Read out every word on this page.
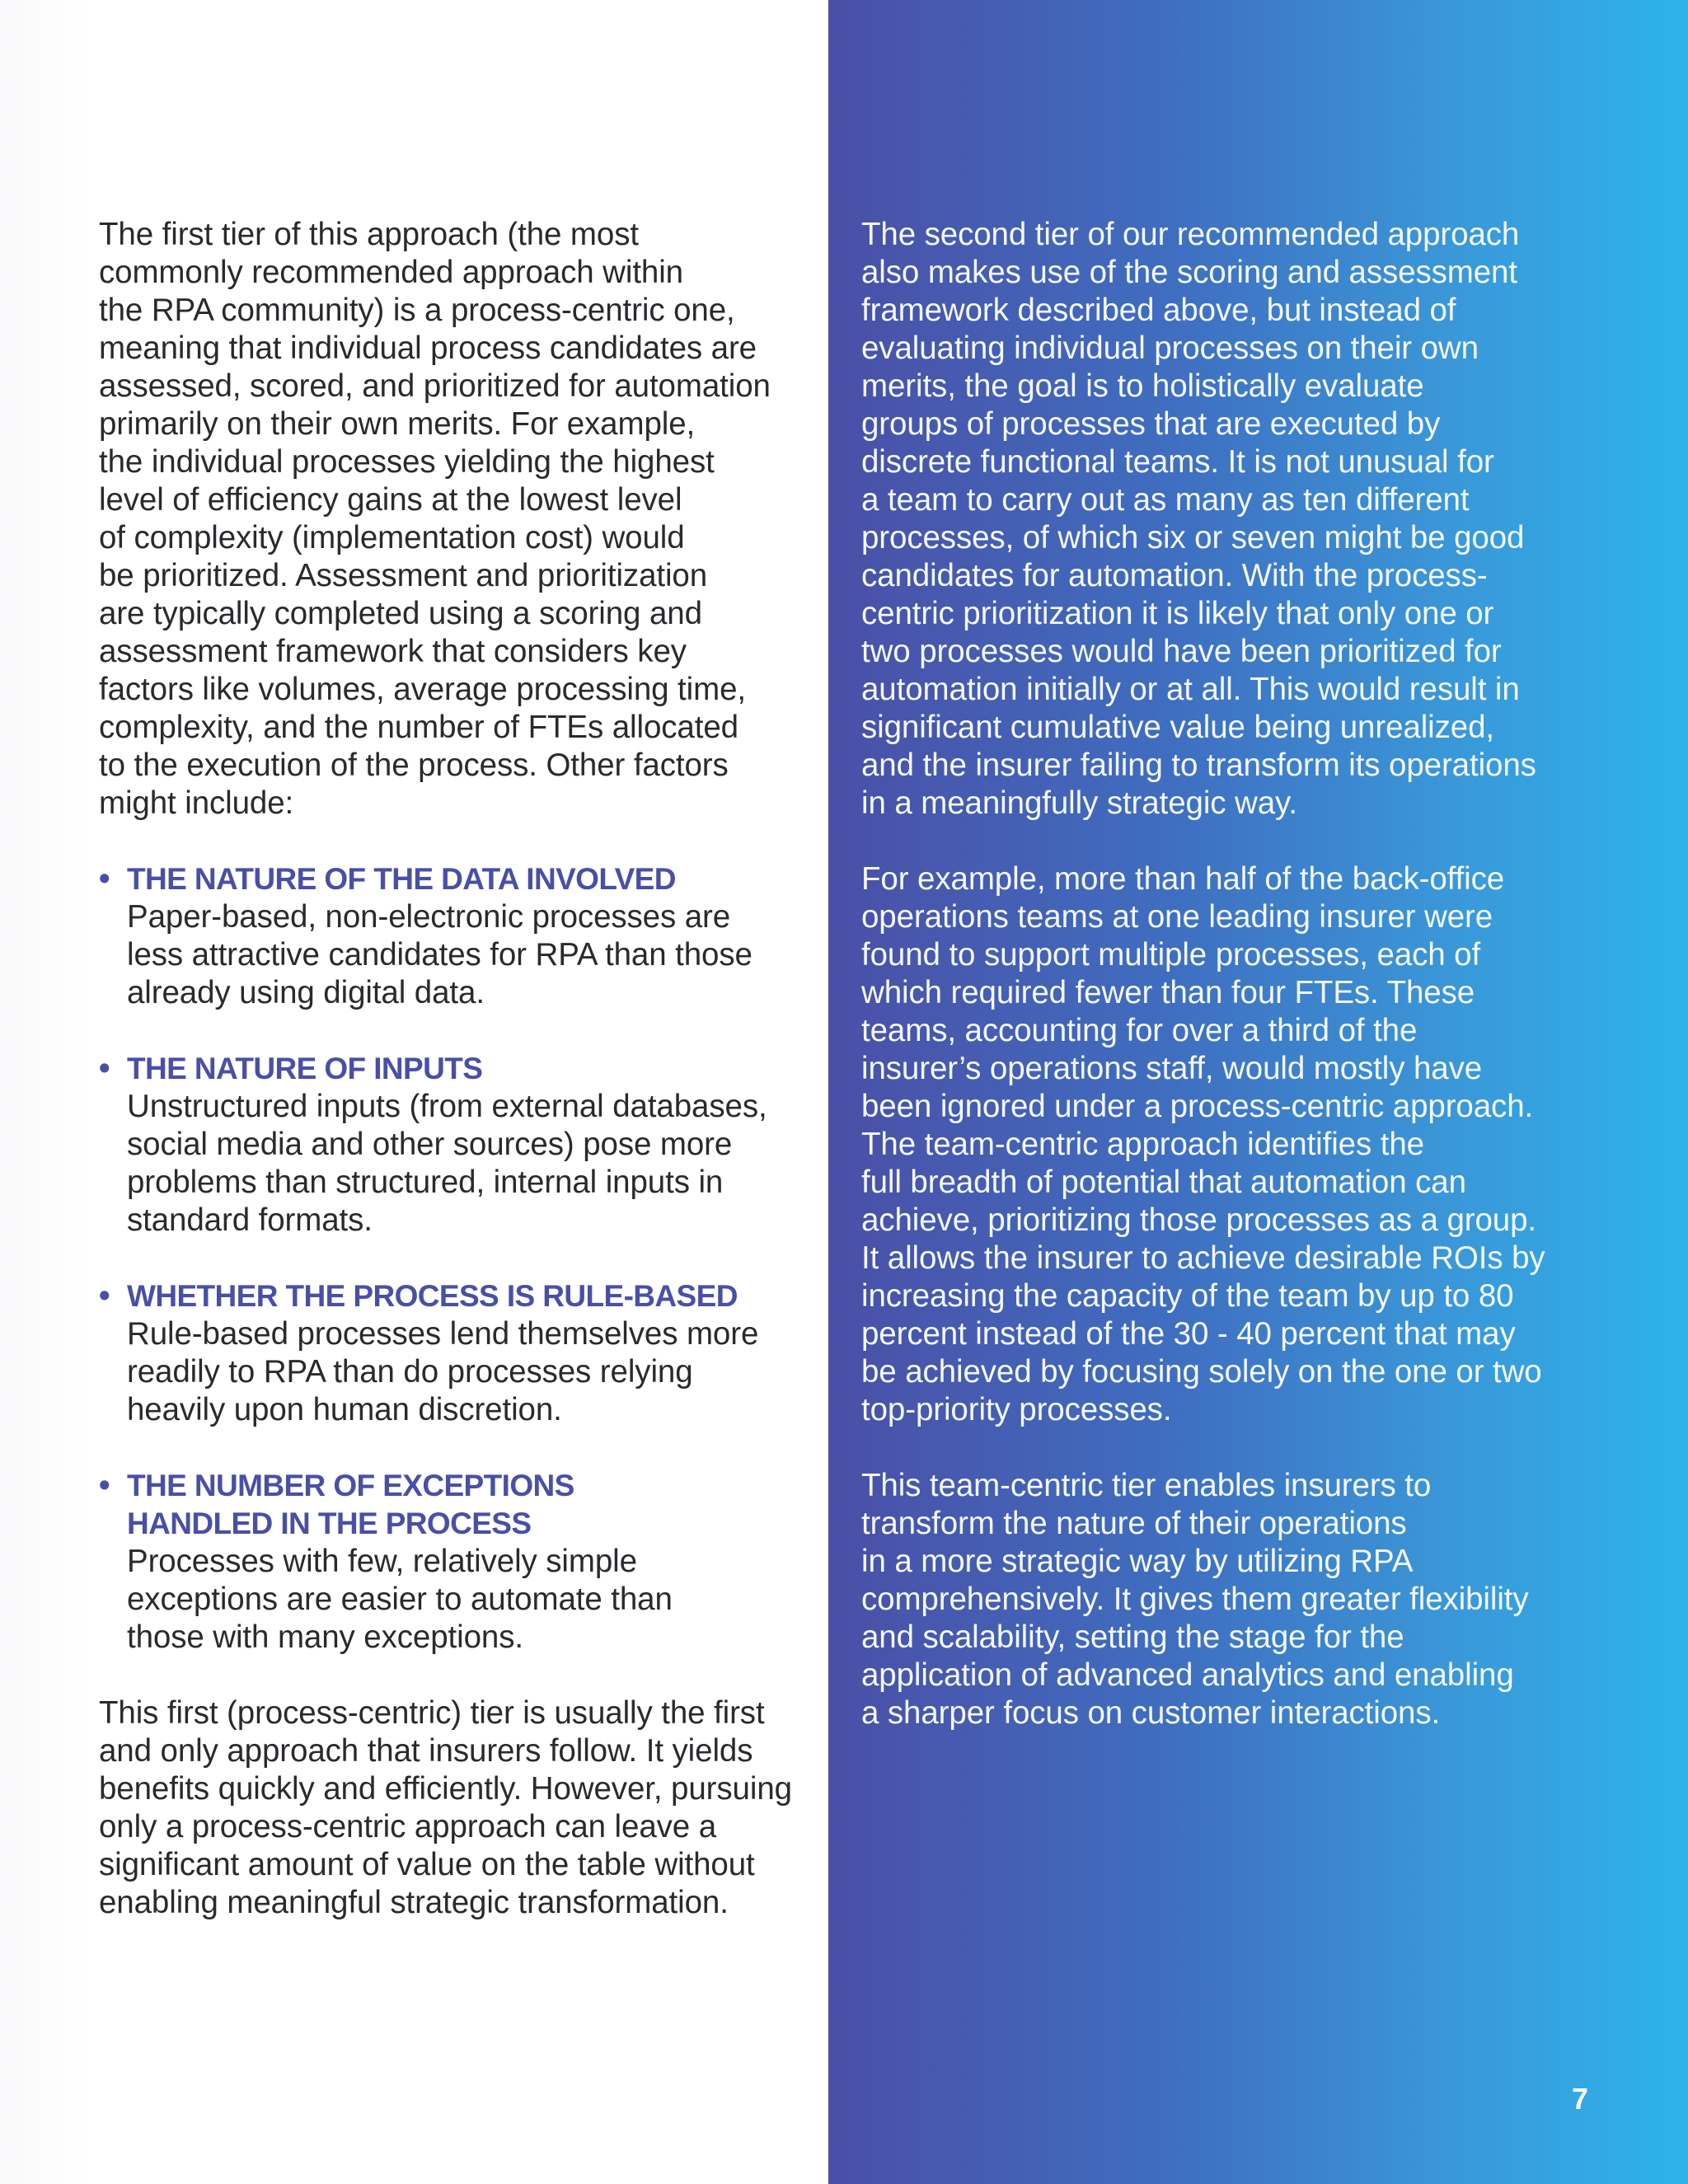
The first tier of this approach (the most
commonly recommended approach within
the RPA community) is a process-centric one,
meaning that individual process candidates are
assessed, scored, and prioritized for automation
primarily on their own merits. For example,
the individual processes yielding the highest
level of efficiency gains at the lowest level
of complexity (implementation cost) would
be prioritized. Assessment and prioritization
are typically completed using a scoring and
assessment framework that considers key
factors like volumes, average processing time,
complexity, and the number of FTEs allocated
to the execution of the process. Other factors
might include:

• THE NATURE OF THE DATA INVOLVED
Paper-based, non-electronic processes are
less attractive candidates for RPA than those
already using digital data.
• THE NATURE OF INPUTS
Unstructured inputs (from external databases,
social media and other sources) pose more
problems than structured, internal inputs in
standard formats.
• WHETHER THE PROCESS IS RULE-BASED
Rule-based processes lend themselves more
readily to RPA than do processes relying
heavily upon human discretion.
• THE NUMBER OF EXCEPTIONS
HANDLED IN THE PROCESS
Processes with few, relatively simple
exceptions are easier to automate than
those with many exceptions.

This first (process-centric) tier is usually the first
and only approach that insurers follow. It yields
benefits quickly and efficiently. However, pursuing
only a process-centric approach can leave a
significant amount of value on the table without
enabling meaningful strategic transformation.

The second tier of our recommended approach
also makes use of the scoring and assessment
framework described above, but instead of
evaluating individual processes on their own
merits, the goal is to holistically evaluate
groups of processes that are executed by
discrete functional teams. It is not unusual for
a team to carry out as many as ten different
processes, of which six or seven might be good
candidates for automation. With the process-
centric prioritization it is likely that only one or
two processes would have been prioritized for
automation initially or at all. This would result in
significant cumulative value being unrealized,
and the insurer failing to transform its operations
in a meaningfully strategic way.

For example, more than half of the back-office
operations teams at one leading insurer were
found to support multiple processes, each of
which required fewer than four FTEs. These
teams, accounting for over a third of the
insurer’s operations staff, would mostly have
been ignored under a process-centric approach.
The team-centric approach identifies the
full breadth of potential that automation can
achieve, prioritizing those processes as a group.
It allows the insurer to achieve desirable ROIs by
increasing the capacity of the team by up to 80
percent instead of the 30 - 40 percent that may
be achieved by focusing solely on the one or two
top-priority processes.

This team-centric tier enables insurers to
transform the nature of their operations
in a more strategic way by utilizing RPA
comprehensively. It gives them greater flexibility
and scalability, setting the stage for the
application of advanced analytics and enabling
a sharper focus on customer interactions.

7
